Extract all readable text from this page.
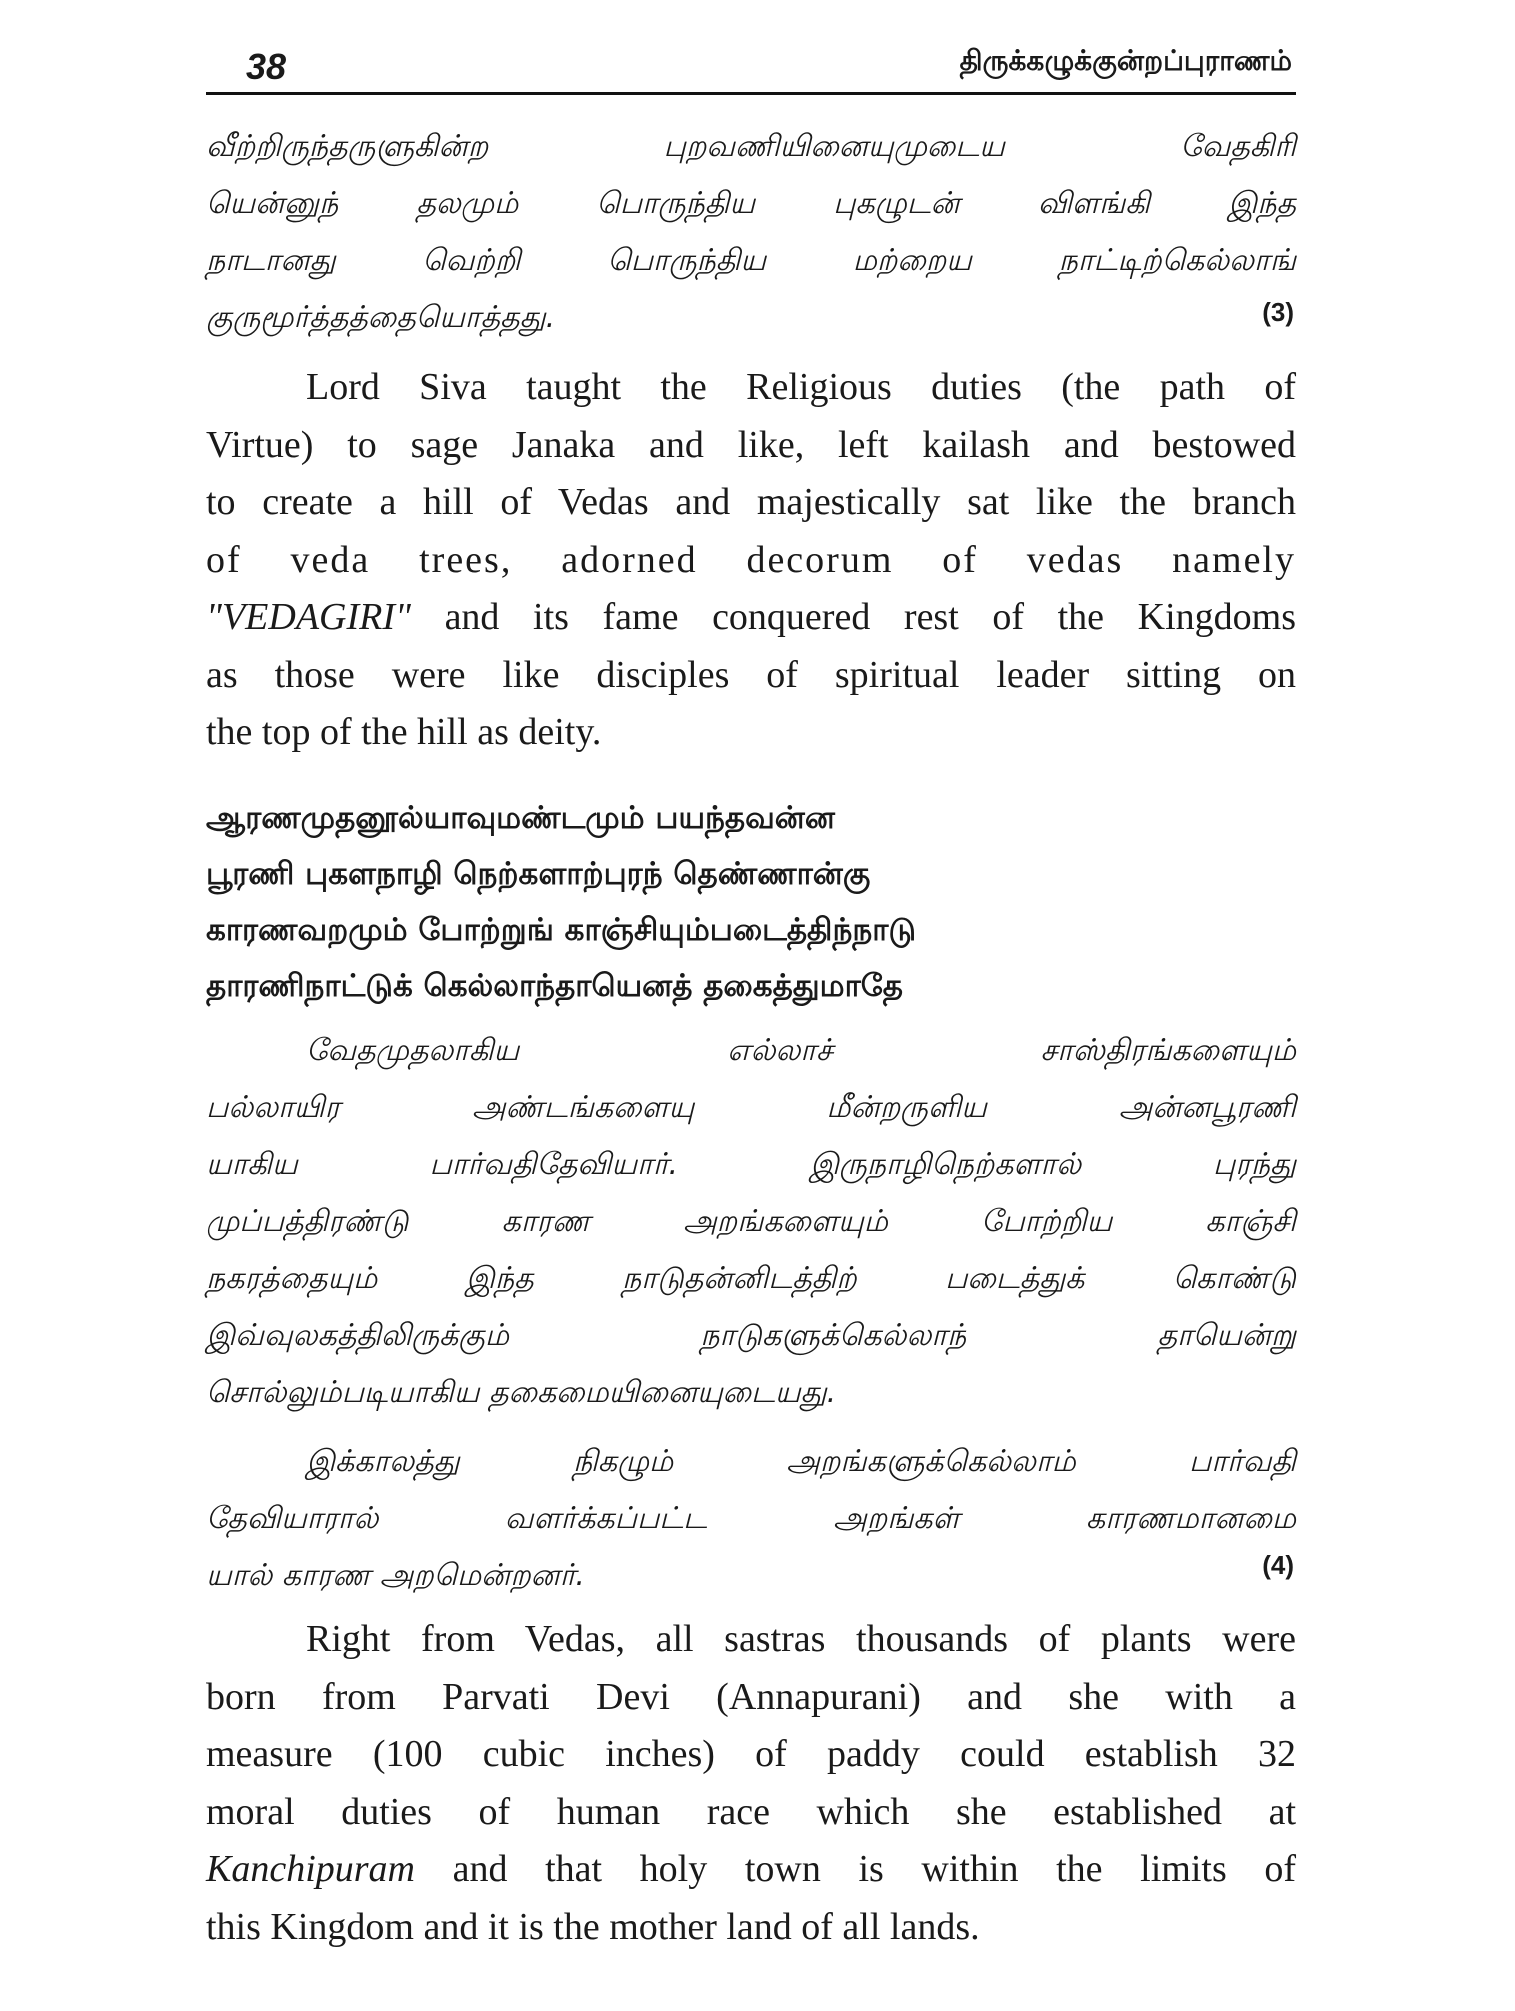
38	திருக்கழுக்குன்றப்புராணம்
வீற்றிருந்தருளுகின்ற புறவணியினையுமுடைய வேதகிரி
யென்னுந் தலமும் பொருந்திய புகழுடன் விளங்கி இந்த
நாடானது வெற்றி பொருந்திய மற்றைய நாட்டிற்கெல்லாங்
குருமூர்த்தத்தையொத்தது.	(3)
Lord Siva taught the Religious duties (the path of
Virtue) to sage Janaka and like, left kailash and bestowed
to create a hill of Vedas and majestically sat like the branch
of veda trees, adorned decorum of vedas namely
"VEDAGIRI" and its fame conquered rest of the Kingdoms
as those were like disciples of spiritual leader sitting on
the top of the hill as deity.
ஆரணமுதனூல்யாவுமண்டமும் பயந்தவன்ன
பூரணி புகளநாழி நெற்களாற்புரந் தெண்ணான்கு
காரணவறமும் போற்றுங் காஞ்சியும்படைத்திந்நாடு
தாரணிநாட்டுக் கெல்லாந்தாயெனத் தகைத்துமாதே
வேதமுதலாகிய எல்லாச் சாஸ்திரங்களையும்
பல்லாயிர அண்டங்களையு மீன்றருளிய அன்னபூரணி
யாகிய பார்வதிதேவியார். இருநாழிநெற்களால் புரந்து
முப்பத்திரண்டு காரண அறங்களையும் போற்றிய காஞ்சி
நகரத்தையும் இந்த நாடுதன்னிடத்திற் படைத்துக் கொண்டு
இவ்வுலகத்திலிருக்கும் நாடுகளுக்கெல்லாந் தாயென்று
சொல்லும்படியாகிய தகைமையினையுடையது.
இக்காலத்து நிகழும் அறங்களுக்கெல்லாம் பார்வதி
தேவியாரால் வளர்க்கப்பட்ட அறங்கள் காரணமானமை
யால் காரண அறமென்றனர்.	(4)
Right from Vedas, all sastras thousands of plants were
born from Parvati Devi (Annapurani) and she with a
measure (100 cubic inches) of paddy could establish 32
moral duties of human race which she established at
Kanchipuram and that holy town is within the limits of
this Kingdom and it is the mother land of all lands.
